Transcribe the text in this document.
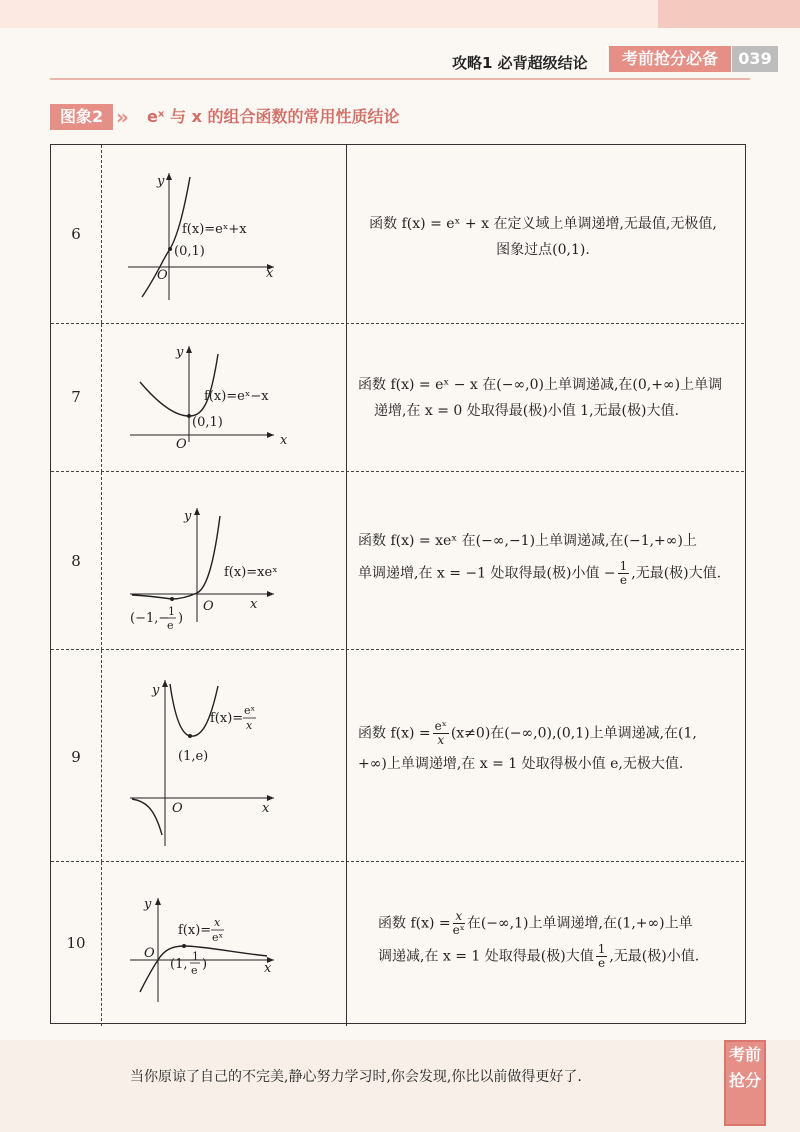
攻略1 必背超级结论	考前抢分必备	039
图象2 » eˣ 与 x 的组合函数的常用性质结论
6
x
y
O
f(x)=eˣ+x
(0,1)
函数 f(x) = eˣ + x 在定义域上单调递增,无最值,无极值,
图象过点(0,1).
7
x
y
O
f(x)=eˣ−x
(0,1)
函数 f(x) = eˣ − x 在(−∞,0)上单调递减,在(0,+∞)上单调
递增,在 x = 0 处取得最(极)小值 1,无最(极)大值.
8
x
y
O
f(x)=xeˣ
(−1,−
1
e )
函数 f(x) = xeˣ 在(−∞,−1)上单调递减,在(−1,+∞)上
单调递增,在 x = −1 处取得最(极)小值 − $\frac{1}{e}$ ,无最(极)大值.
9
x
y
O
f(x)=
eˣ
x
(1,e)
函数 $f(x) = \frac{\text{eˣ}}{x} (x\ne 0)$在(−∞,0),(0,1)上单调递减,在(1,
+∞)上单调递增,在 x = 1 处取得极小值 e,无极大值.
10
x
y
O
f(x)=
x
eˣ
(1,
1
e )
函数 $f(x) = \frac{x}{\text{eˣ}}$ 在(−∞,1)上单调递增,在(1,+∞)上单
调递减,在 x = 1 处取得最(极)大值 $\frac{1}{e}$ ,无最(极)小值.
当你原谅了自己的不完美,静心努力学习时,你会发现,你比以前做得更好了.
考前
抢分
